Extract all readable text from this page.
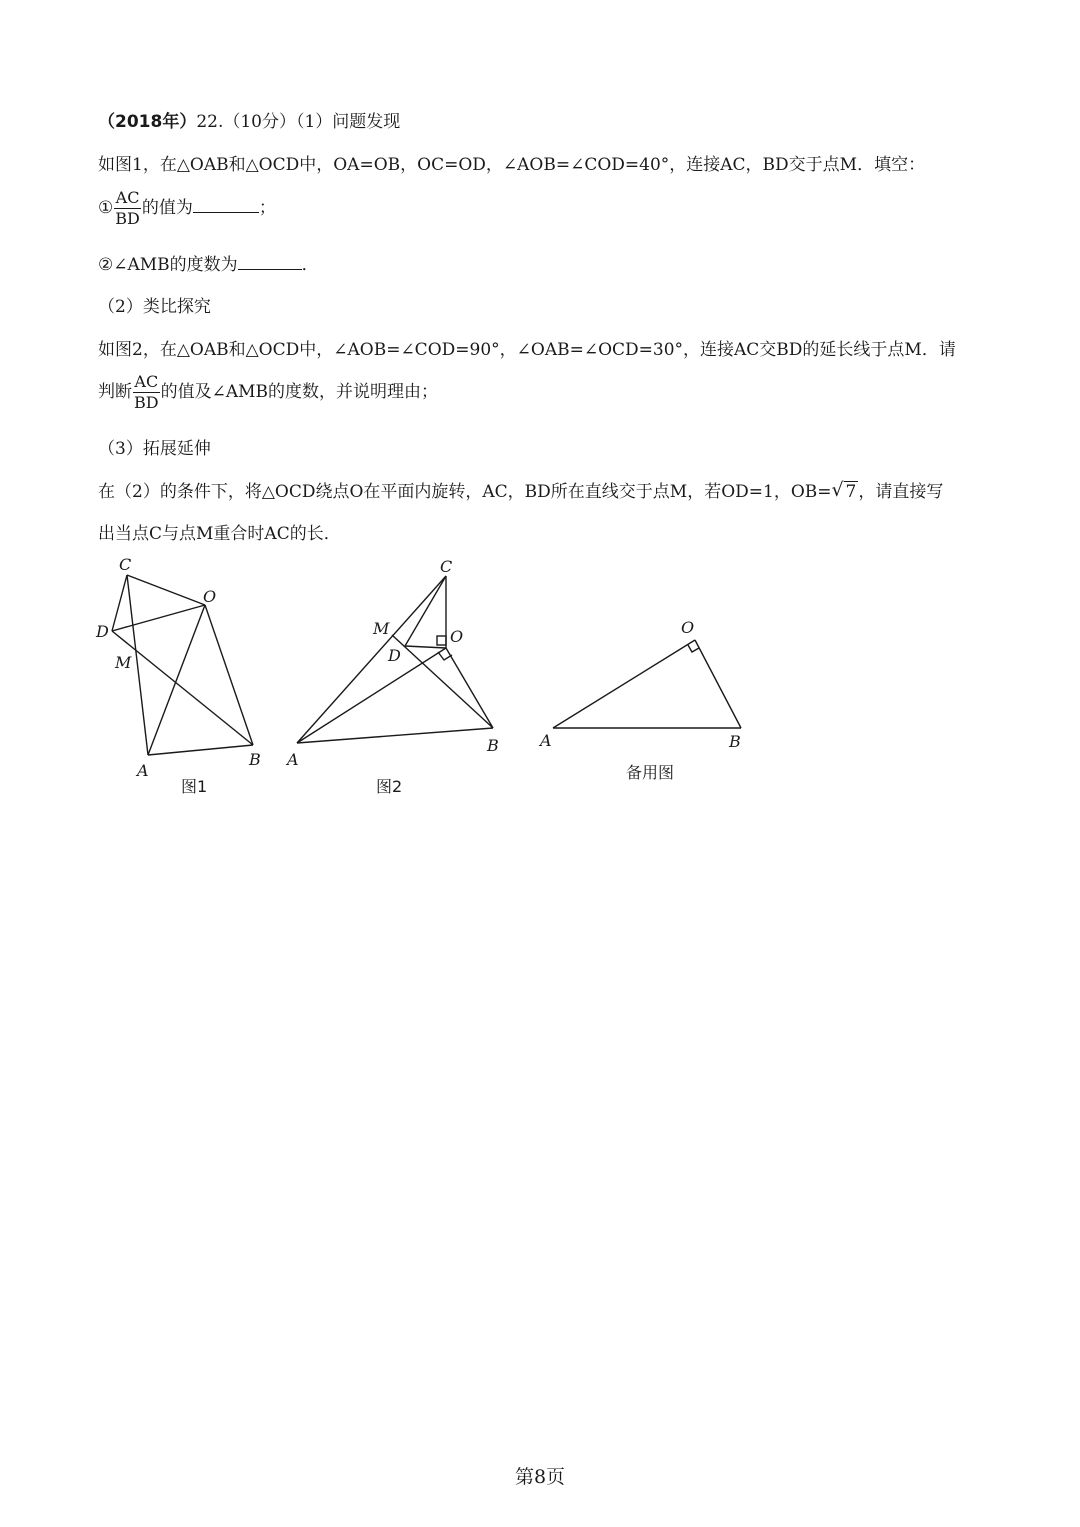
（2018年）22.（10分）（1）问题发现
如图1，在△OAB和△OCD中，OA=OB，OC=OD，∠AOB=∠COD=40°，连接AC，BD交于点M．填空：
① $\frac{AC}{BD}$ 的值为	；
②∠AMB的度数为	．
（2）类比探究
如图2，在△OAB和△OCD中，∠AOB=∠COD=90°，∠OAB=∠OCD=30°，连接AC交BD的延长线于点M．请
判断 $\frac{AC}{BD}$ 的值及∠AMB的度数，并说明理由；
（3）拓展延伸
在（2）的条件下，将△OCD绕点O在平面内旋转，AC，BD所在直线交于点M，若OD=1，OB= √ 7 ，请直接写
出当点C与点M重合时AC的长．
C
O
D
M
A
B
图1
C
M	O
D
A
B
图2
O
A	B
备用图
第8页
